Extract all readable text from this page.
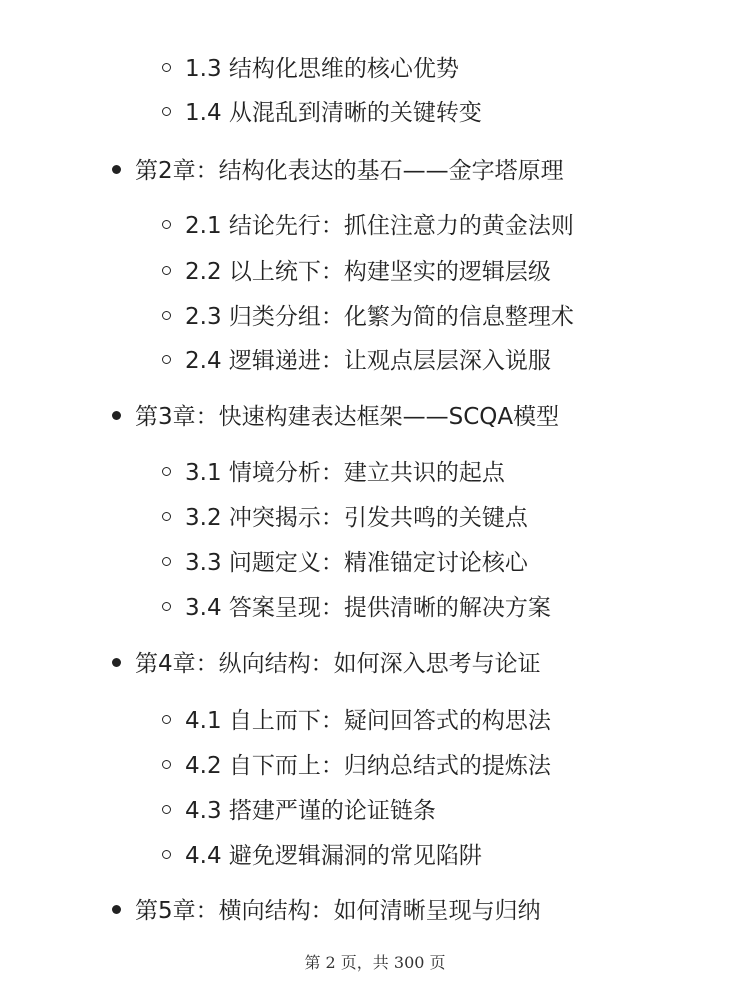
1.3 结构化思维的核心优势
1.4 从混乱到清晰的关键转变
第2章：结构化表达的基石——金字塔原理
2.1 结论先行：抓住注意力的黄金法则
2.2 以上统下：构建坚实的逻辑层级
2.3 归类分组：化繁为简的信息整理术
2.4 逻辑递进：让观点层层深入说服
第3章：快速构建表达框架——SCQA模型
3.1 情境分析：建立共识的起点
3.2 冲突揭示：引发共鸣的关键点
3.3 问题定义：精准锚定讨论核心
3.4 答案呈现：提供清晰的解决方案
第4章：纵向结构：如何深入思考与论证
4.1 自上而下：疑问回答式的构思法
4.2 自下而上：归纳总结式的提炼法
4.3 搭建严谨的论证链条
4.4 避免逻辑漏洞的常见陷阱
第5章：横向结构：如何清晰呈现与归纳
第 2 页，共 300 页
